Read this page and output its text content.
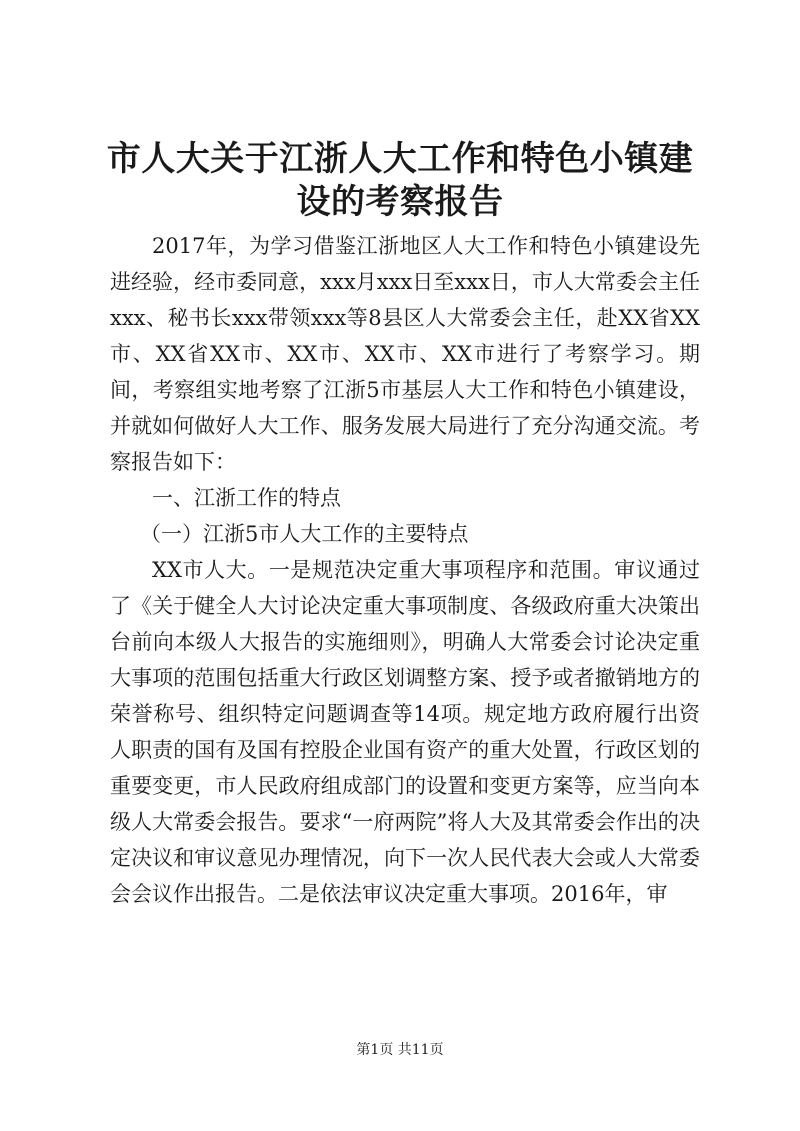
市人大关于江浙人大工作和特色小镇建设的考察报告

2017年，为学习借鉴江浙地区人大工作和特色小镇建设先进经验，经市委同意，xxx月xxx日至xxx日，市人大常委会主任xxx、秘书长xxx带领xxx等8县区人大常委会主任，赴XX省XX市、XX省XX市、XX市、XX市、XX市进行了考察学习。期间，考察组实地考察了江浙5市基层人大工作和特色小镇建设，并就如何做好人大工作、服务发展大局进行了充分沟通交流。考察报告如下：

一、江浙工作的特点

（一）江浙5市人大工作的主要特点

XX市人大。一是规范决定重大事项程序和范围。审议通过了《关于健全人大讨论决定重大事项制度、各级政府重大决策出台前向本级人大报告的实施细则》，明确人大常委会讨论决定重大事项的范围包括重大行政区划调整方案、授予或者撤销地方的荣誉称号、组织特定问题调查等14项。规定地方政府履行出资人职责的国有及国有控股企业国有资产的重大处置，行政区划的重要变更，市人民政府组成部门的设置和变更方案等，应当向本级人大常委会报告。要求“一府两院”将人大及其常委会作出的决定决议和审议意见办理情况，向下一次人民代表大会或人大常委会会议作出报告。二是依法审议决定重大事项。2016年，审

第1页 共11页
